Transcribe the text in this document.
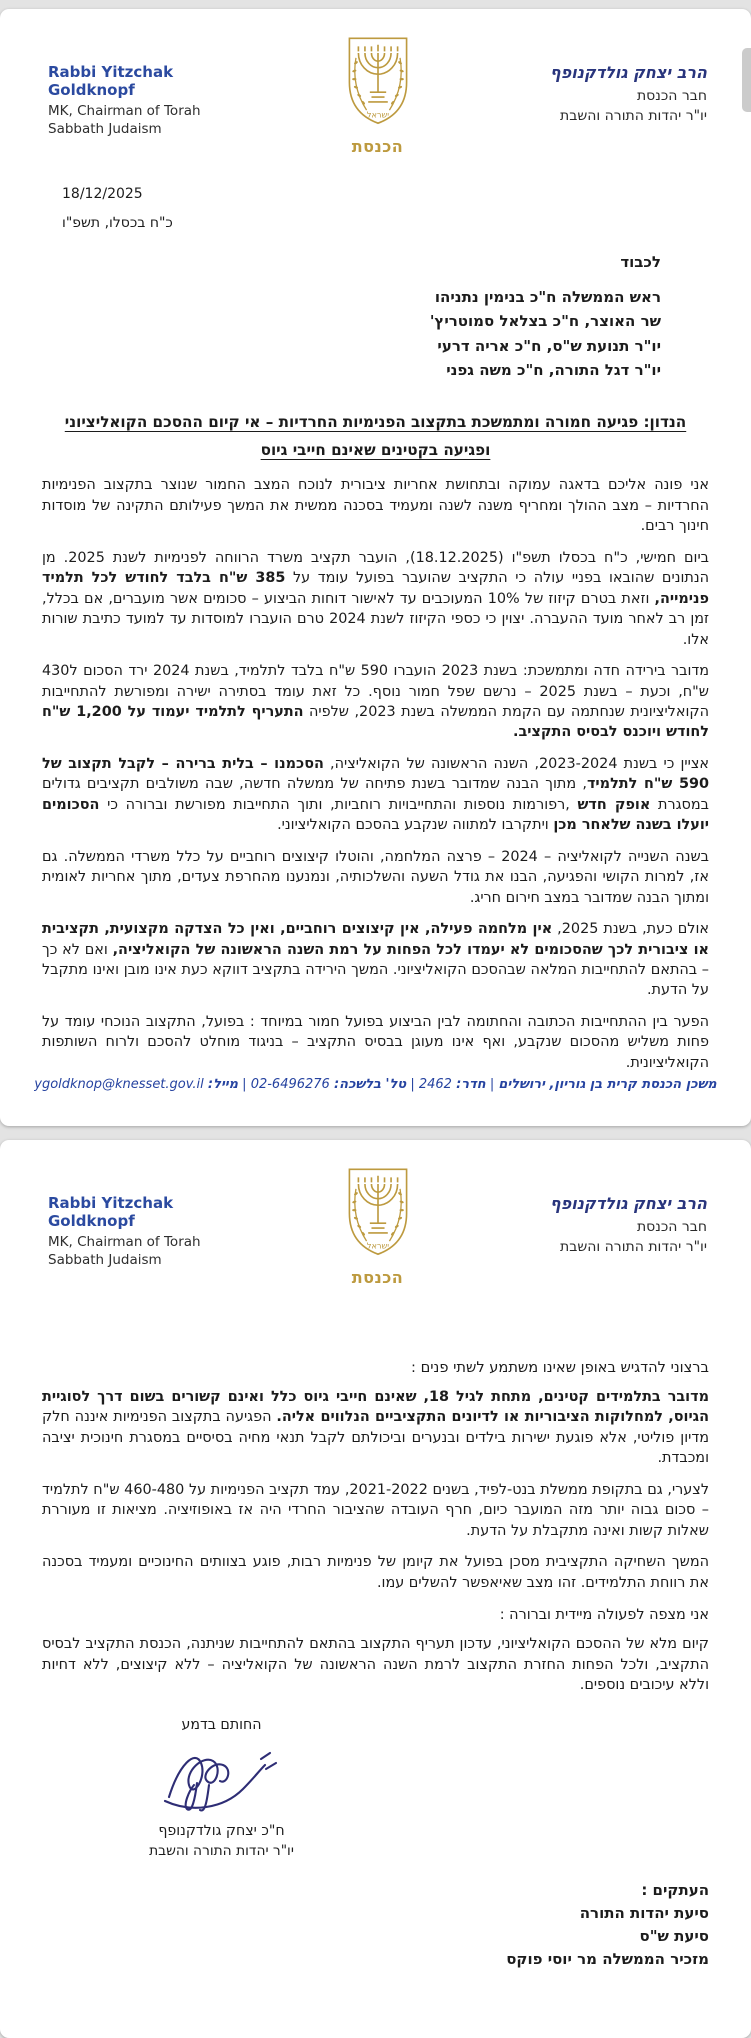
Rabbi Yitzchak Goldknopf
MK, Chairman of Torah
Sabbath Judaism
ישראל
הכנסת
הרב יצחק גולדקנופף
חבר הכנסת
יו"ר יהדות התורה והשבת
18/12/2025
כ"ח בכסלו, תשפ"ו
לכבוד
ראש הממשלה ח"כ בנימין נתניהו
שר האוצר, ח"כ בצלאל סמוטריץ'
יו"ר תנועת ש"ס, ח"כ אריה דרעי
יו"ר דגל התורה, ח"כ משה גפני
הנדון: פגיעה חמורה ומתמשכת בתקצוב הפנימיות החרדיות – אי קיום ההסכם הקואליציוני
ופגיעה בקטינים שאינם חייבי גיוס

אני פונה אליכם בדאגה עמוקה ובתחושת אחריות ציבורית לנוכח המצב החמור שנוצר בתקצוב הפנימיות החרדיות – מצב ההולך ומחריף משנה לשנה ומעמיד בסכנה ממשית את המשך פעילותם התקינה של מוסדות חינוך רבים.

ביום חמישי, כ"ח בכסלו תשפ"ו (18.12.2025), הועבר תקציב משרד הרווחה לפנימיות לשנת 2025. מן הנתונים שהובאו בפניי עולה כי התקציב שהועבר בפועל עומד על 385 ש"ח בלבד לחודש לכל תלמיד פנימייה, וזאת בטרם קיזוז של 10% המעוכבים עד לאישור דוחות הביצוע – סכומים אשר מועברים, אם בכלל, זמן רב לאחר מועד ההעברה. יצוין כי כספי הקיזוז לשנת 2024 טרם הועברו למוסדות עד למועד כתיבת שורות אלו.

מדובר בירידה חדה ומתמשכת: בשנת 2023 הועברו 590 ש"ח בלבד לתלמיד, בשנת 2024 ירד הסכום ל430 ש"ח, וכעת – בשנת 2025 – נרשם שפל חמור נוסף. כל זאת עומד בסתירה ישירה ומפורשת להתחייבות הקואליציונית שנחתמה עם הקמת הממשלה בשנת 2023, שלפיה התעריף לתלמיד יעמוד על 1,200 ש"ח לחודש ויוכנס לבסיס התקציב.

אציין כי בשנת 2023-2024, השנה הראשונה של הקואליציה, הסכמנו – בלית ברירה – לקבל תקצוב של 590 ש"ח לתלמיד, מתוך הבנה שמדובר בשנת פתיחה של ממשלה חדשה, שבה משולבים תקציבים גדולים במסגרת אופק חדש ,רפורמות נוספות והתחייבויות רוחביות, ותוך התחייבות מפורשת וברורה כי הסכומים יועלו בשנה שלאחר מכן ויתקרבו למתווה שנקבע בהסכם הקואליציוני.

בשנה השנייה לקואליציה – 2024 – פרצה המלחמה, והוטלו קיצוצים רוחביים על כלל משרדי הממשלה. גם אז, למרות הקושי והפגיעה, הבנו את גודל השעה והשלכותיה, ונמנענו מהחרפת צעדים, מתוך אחריות לאומית ומתוך הבנה שמדובר במצב חירום חריג.

אולם כעת, בשנת 2025, אין מלחמה פעילה, אין קיצוצים רוחביים, ואין כל הצדקה מקצועית, תקציבית או ציבורית לכך שהסכומים לא יעמדו לכל הפחות על רמת השנה הראשונה של הקואליציה, ואם לא כך – בהתאם להתחייבות המלאה שבהסכם הקואליציוני. המשך הירידה בתקציב דווקא כעת אינו מובן ואינו מתקבל על הדעת.

הפער בין ההתחייבות הכתובה והחתומה לבין הביצוע בפועל חמור במיוחד : בפועל, התקצוב הנוכחי עומד על פחות משליש מהסכום שנקבע, ואף אינו מעוגן בבסיס התקציב – בניגוד מוחלט להסכם ולרוח השותפות הקואליציונית.

משכן הכנסת קרית בן גוריון, ירושלים | חדר: 2462 | טל' בלשכה: 02-6496276 | מייל: ygoldknop@knesset.gov.il
Rabbi Yitzchak Goldknopf
MK, Chairman of Torah
Sabbath Judaism
ישראל
הכנסת
הרב יצחק גולדקנופף
חבר הכנסת
יו"ר יהדות התורה והשבת
ברצוני להדגיש באופן שאינו משתמע לשתי פנים :

מדובר בתלמידים קטינים, מתחת לגיל 18, שאינם חייבי גיוס כלל ואינם קשורים בשום דרך לסוגיית הגיוס, למחלוקות הציבוריות או לדיונים התקציביים הנלווים אליה. הפגיעה בתקצוב הפנימיות איננה חלק מדיון פוליטי, אלא פוגעת ישירות בילדים ובנערים וביכולתם לקבל תנאי מחיה בסיסיים במסגרת חינוכית יציבה ומכבדת.

לצערי, גם בתקופת ממשלת בנט-לפיד, בשנים 2021-2022, עמד תקציב הפנימיות על 460-480 ש"ח לתלמיד – סכום גבוה יותר מזה המועבר כיום, חרף העובדה שהציבור החרדי היה אז באופוזיציה. מציאות זו מעוררת שאלות קשות ואינה מתקבלת על הדעת.

המשך השחיקה התקציבית מסכן בפועל את קיומן של פנימיות רבות, פוגע בצוותים החינוכיים ומעמיד בסכנה את רווחת התלמידים. זהו מצב שאיאפשר להשלים עמו.

אני מצפה לפעולה מיידית וברורה :

קיום מלא של ההסכם הקואליציוני, עדכון תעריף התקצוב בהתאם להתחייבות שניתנה, הכנסת התקציב לבסיס התקציב, ולכל הפחות החזרת התקצוב לרמת השנה הראשונה של הקואליציה – ללא קיצוצים, ללא דחיות וללא עיכובים נוספים.

החותם בדמע
ח"כ יצחק גולדקנופף
יו"ר יהדות התורה והשבת
העתקים :
סיעת יהדות התורה
סיעת ש"ס
מזכיר הממשלה מר יוסי פוקס
